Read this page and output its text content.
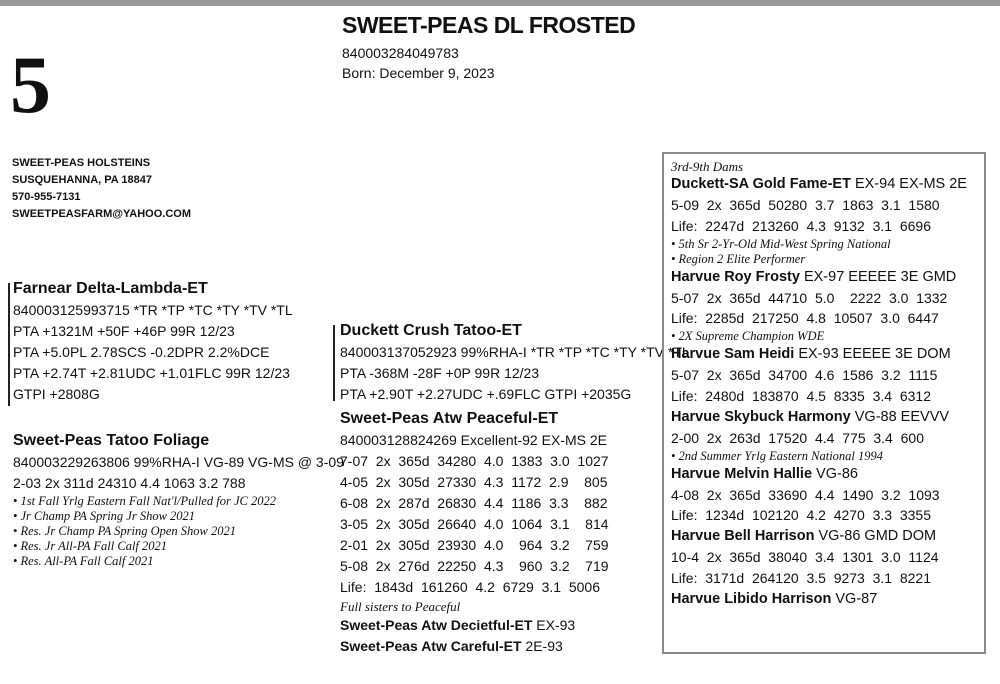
5
SWEET-PEAS DL FROSTED
840003284049783
Born: December 9, 2023
SWEET-PEAS HOLSTEINS
SUSQUEHANNA, PA 18847
570-955-7131
SWEETPEASFARM@YAHOO.COM
Farnear Delta-Lambda-ET
840003125993715 *TR *TP *TC *TY *TV *TL
PTA +1321M +50F +46P 99R 12/23
PTA +5.0PL 2.78SCS -0.2DPR 2.2%DCE
PTA +2.74T +2.81UDC +1.01FLC 99R 12/23
GTPI +2808G
Sweet-Peas Tatoo Foliage
840003229263806 99%RHA-I VG-89 VG-MS @ 3-09
2-03 2x 311d 24310 4.4 1063 3.2 788
• 1st Fall Yrlg Eastern Fall Nat'l/Pulled for JC 2022
• Jr Champ PA Spring Jr Show 2021
• Res. Jr Champ PA Spring Open Show 2021
• Res. Jr All-PA Fall Calf 2021
• Res. All-PA Fall Calf 2021
Duckett Crush Tatoo-ET
840003137052923 99%RHA-I *TR *TP *TC *TY *TV *TL
PTA -368M -28F +0P 99R 12/23
PTA +2.90T +2.27UDC +.69FLC GTPI +2035G
Sweet-Peas Atw Peaceful-ET
840003128824269 Excellent-92 EX-MS 2E
7-07  2x  365d  34280  4.0  1383  3.0  1027
4-05  2x  305d  27330  4.3  1172  2.9    805
6-08  2x  287d  26830  4.4  1186  3.3    882
3-05  2x  305d  26640  4.0  1064  3.1    814
2-01  2x  305d  23930  4.0    964  3.2    759
5-08  2x  276d  22250  4.3    960  3.2    719
Life:  1843d  161260  4.2  6729  3.1  5006
Full sisters to Peaceful
Sweet-Peas Atw Decietful-ET EX-93
Sweet-Peas Atw Careful-ET 2E-93
3rd-9th Dams
Duckett-SA Gold Fame-ET EX-94 EX-MS 2E
5-09  2x  365d  50280  3.7  1863  3.1  1580
Life:  2247d  213260  4.3  9132  3.1  6696
• 5th Sr 2-Yr-Old Mid-West Spring National
• Region 2 Elite Performer
Harvue Roy Frosty EX-97 EEEEE 3E GMD
5-07  2x  365d  44710  5.0    2222  3.0  1332
Life:  2285d  217250  4.8  10507  3.0  6447
• 2X Supreme Champion WDE
Harvue Sam Heidi EX-93 EEEEE 3E DOM
5-07  2x  365d  34700  4.6  1586  3.2  1115
Life:  2480d  183870  4.5  8335  3.4  6312
Harvue Skybuck Harmony VG-88 EEVVV
2-00  2x  263d  17520  4.4  775  3.4  600
• 2nd Summer Yrlg Eastern National 1994
Harvue Melvin Hallie VG-86
4-08  2x  365d  33690  4.4  1490  3.2  1093
Life:  1234d  102120  4.2  4270  3.3  3355
Harvue Bell Harrison VG-86 GMD DOM
10-4  2x  365d  38040  3.4  1301  3.0  1124
Life:  3171d  264120  3.5  9273  3.1  8221
Harvue Libido Harrison VG-87
